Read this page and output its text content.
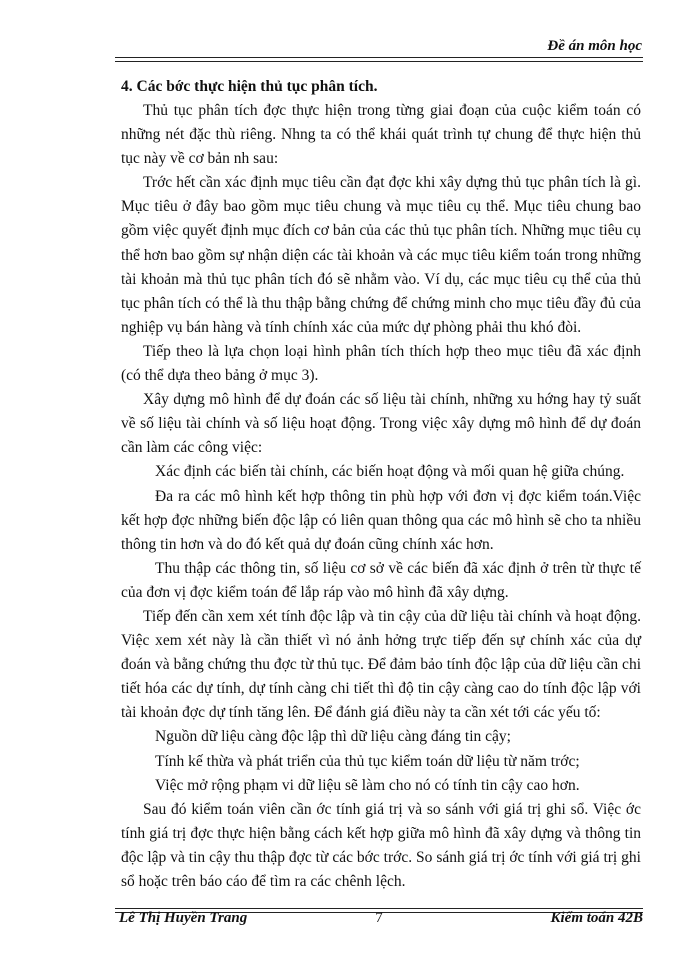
Đề án môn học

4. Các bớc thực hiện thủ tục phân tích.

Thủ tục phân tích đợc thực hiện trong từng giai đoạn của cuộc kiểm toán có những nét đặc thù riêng. Nhng ta có thể khái quát trình tự chung để thực hiện thủ tục này về cơ bản nh sau:

Trớc hết cần xác định mục tiêu cần đạt đợc khi xây dựng thủ tục phân tích là gì. Mục tiêu ở đây bao gồm mục tiêu chung và mục tiêu cụ thể. Mục tiêu chung bao gồm việc quyết định mục đích cơ bản của các thủ tục phân tích. Những mục tiêu cụ thể hơn bao gồm sự nhận diện các tài khoản và các mục tiêu kiểm toán trong những tài khoản mà thủ tục phân tích đó sẽ nhằm vào. Ví dụ, các mục tiêu cụ thể của thủ tục phân tích có thể là thu thập bằng chứng để chứng minh cho mục tiêu đầy đủ của nghiệp vụ bán hàng và tính chính xác của mức dự phòng phải thu khó đòi.

Tiếp theo là lựa chọn loại hình phân tích thích hợp theo mục tiêu đã xác định (có thể dựa theo bảng ở mục 3).

Xây dựng mô hình để dự đoán các số liệu tài chính, những xu hớng hay tỷ suất về số liệu tài chính và số liệu hoạt động. Trong việc xây dựng mô hình để dự đoán cần làm các công việc:

Xác định các biến tài chính, các biến hoạt động và mối quan hệ giữa chúng.

Đa ra các mô hình kết hợp thông tin phù hợp với đơn vị đợc kiểm toán.Việc kết hợp đợc những biến độc lập có liên quan thông qua các mô hình sẽ cho ta nhiều thông tin hơn và do đó kết quả dự đoán cũng chính xác hơn.

Thu thập các thông tin, số liệu cơ sở về các biến đã xác định ở trên từ thực tế của đơn vị đợc kiểm toán để lắp ráp vào mô hình đã xây dựng.

Tiếp đến cần xem xét tính độc lập và tin cậy của dữ liệu tài chính và hoạt động. Việc xem xét này là cần thiết vì nó ảnh hởng trực tiếp đến sự chính xác của dự đoán và bằng chứng thu đợc từ thủ tục. Để đảm bảo tính độc lập của dữ liệu cần chi tiết hóa các dự tính, dự tính càng chi tiết thì độ tin cậy càng cao do tính độc lập với tài khoản đợc dự tính tăng lên. Để đánh giá điều này ta cần xét tới các yếu tố:

Nguồn dữ liệu càng độc lập thì dữ liệu càng đáng tin cậy;

Tính kế thừa và phát triển của thủ tục kiểm toán dữ liệu từ năm trớc;

Việc mở rộng phạm vi dữ liệu sẽ làm cho nó có tính tin cậy cao hơn.

Sau đó kiểm toán viên cần ớc tính giá trị và so sánh với giá trị ghi sổ. Việc ớc tính giá trị đợc thực hiện bằng cách kết hợp giữa mô hình đã xây dựng và thông tin độc lập và tin cậy thu thập đợc từ các bớc trớc. So sánh giá trị ớc tính với giá trị ghi sổ hoặc trên báo cáo để tìm ra các chênh lệch.

Lê Thị Huyền Trang	7	Kiểm toán 42B
